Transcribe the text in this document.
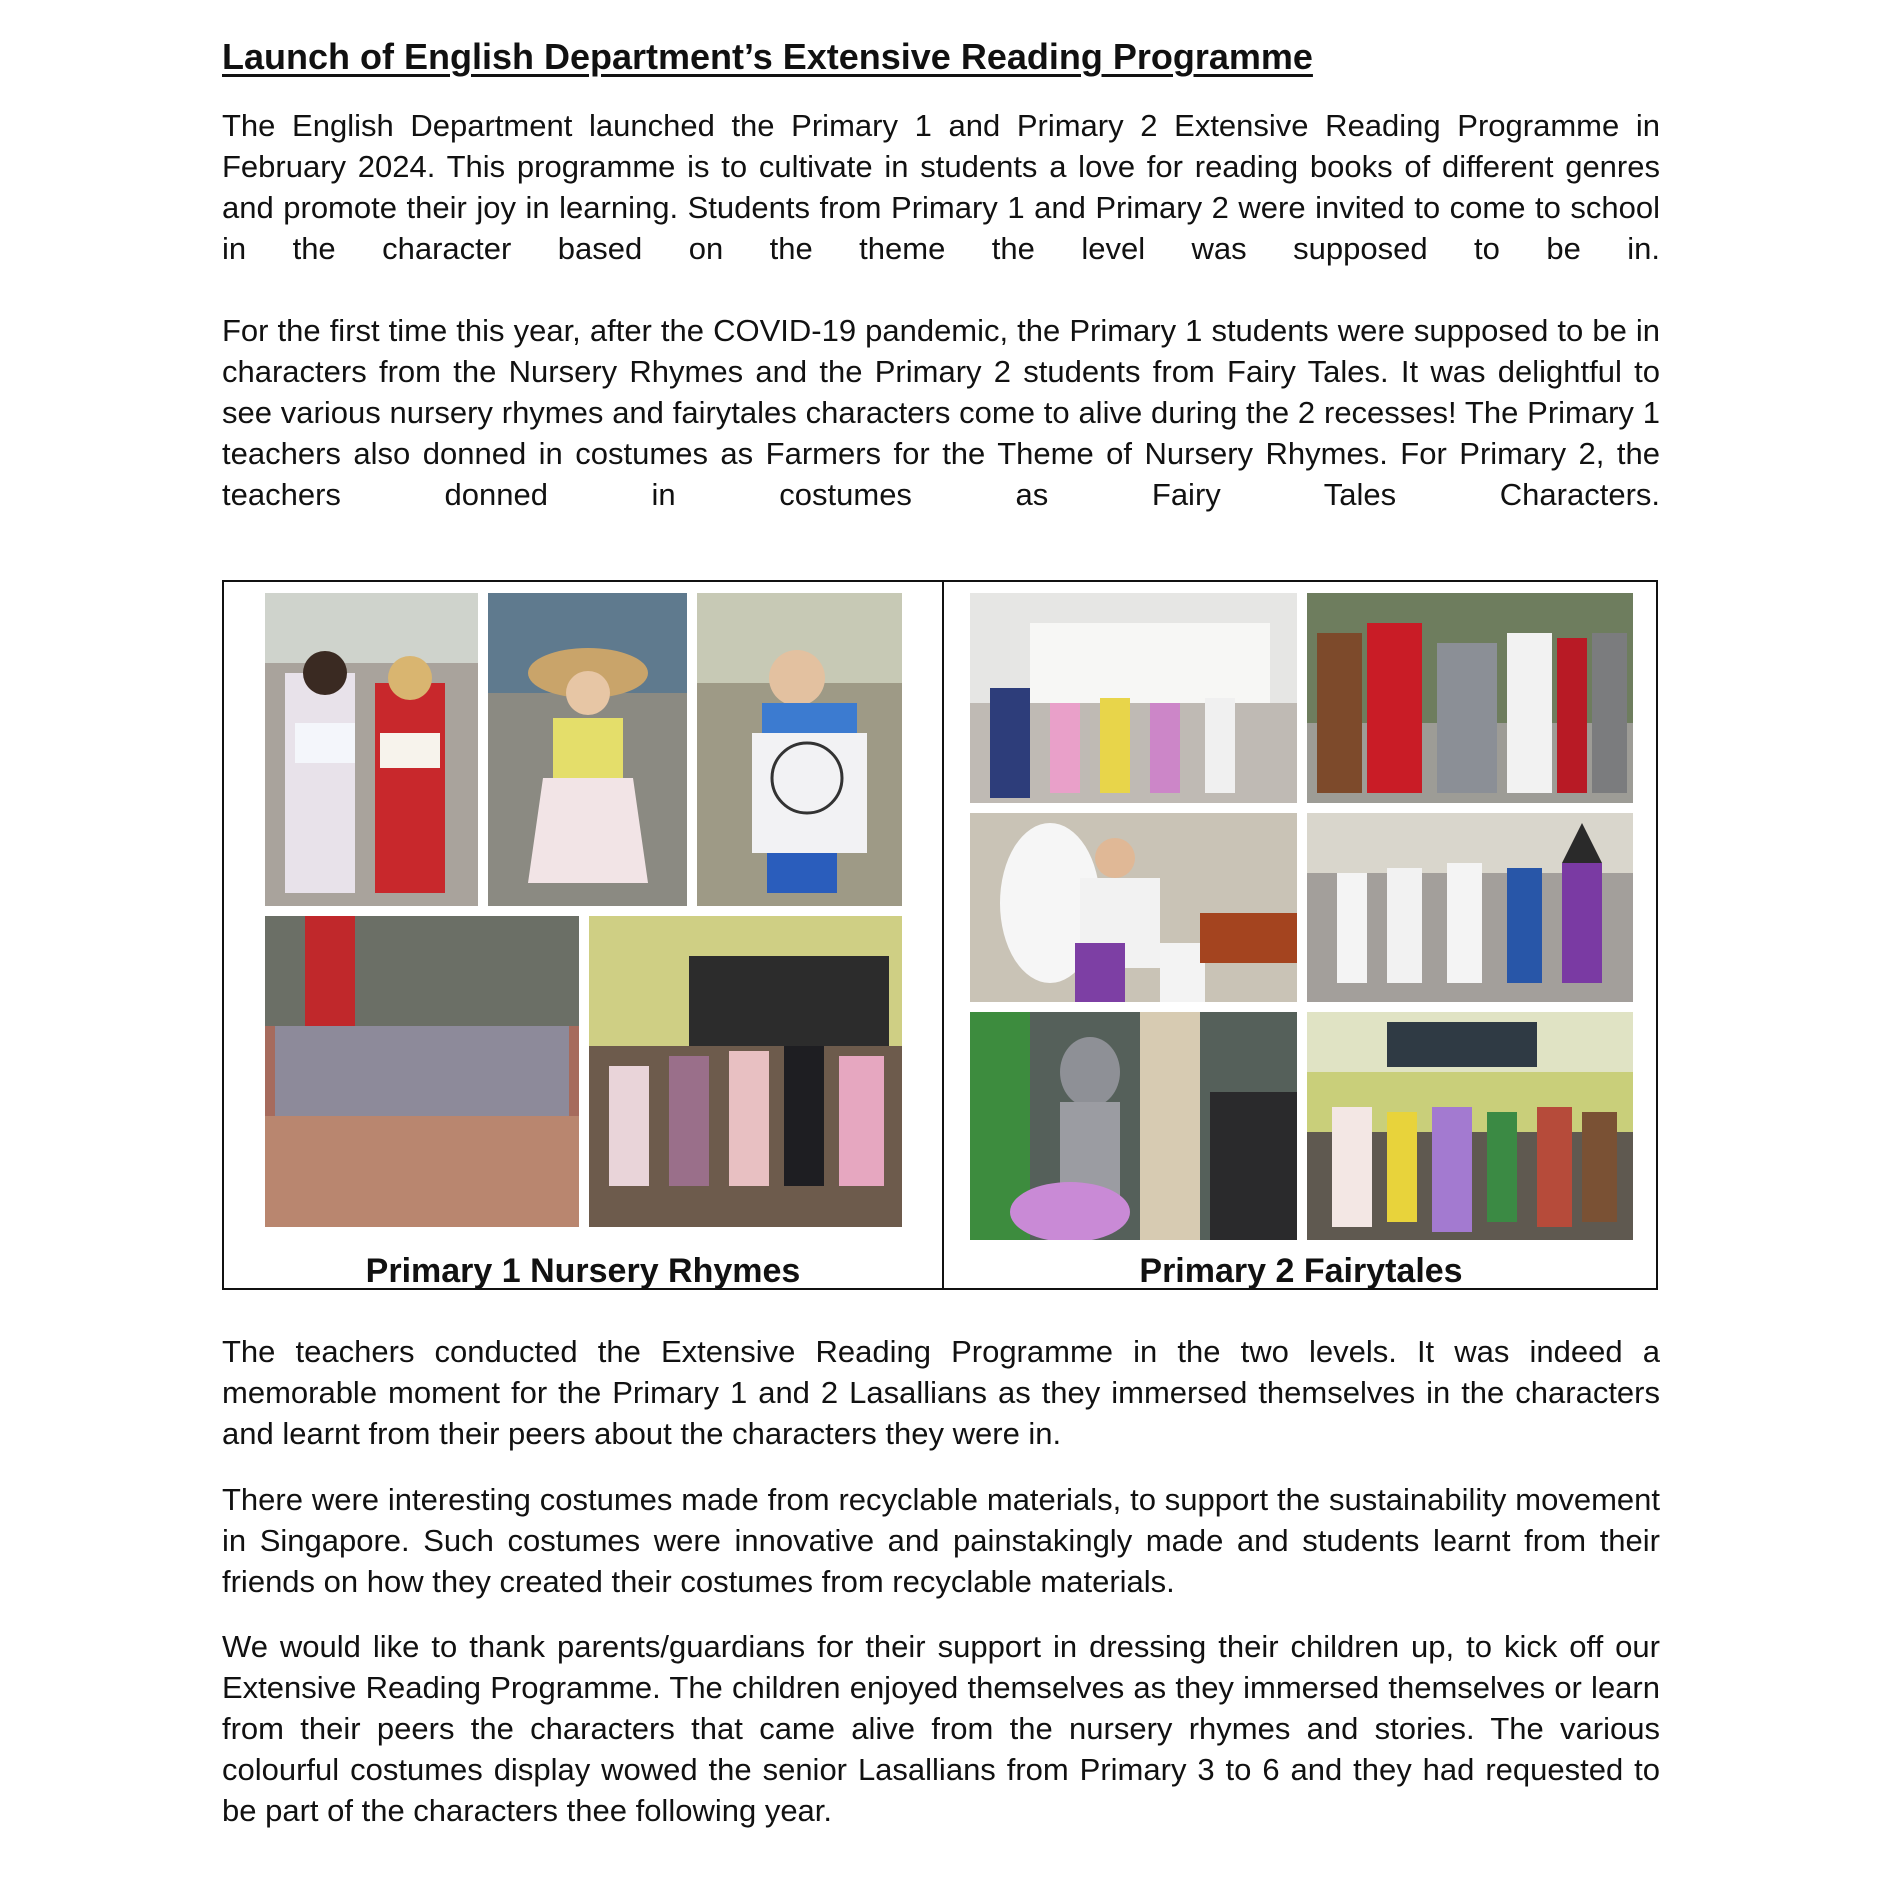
Launch of English Department’s Extensive Reading Programme

The English Department launched the Primary 1 and Primary 2 Extensive Reading Programme in February 2024. This programme is to cultivate in students a love for reading books of different genres and promote their joy in learning. Students from Primary 1 and Primary 2 were invited to come to school in the character based on the theme the level was supposed to be in.

For the first time this year, after the COVID-19 pandemic, the Primary 1 students were supposed to be in characters from the Nursery Rhymes and the Primary 2 students from Fairy Tales. It was delightful to see various nursery rhymes and fairytales characters come to alive during the 2 recesses! The Primary 1 teachers also donned in costumes as Farmers for the Theme of Nursery Rhymes. For Primary 2, the teachers donned in costumes as Fairy Tales Characters.

Primary 1 Nursery Rhymes	Primary 2 Fairytales

The teachers conducted the Extensive Reading Programme in the two levels. It was indeed a memorable moment for the Primary 1 and 2 Lasallians as they immersed themselves in the characters and learnt from their peers about the characters they were in.

There were interesting costumes made from recyclable materials, to support the sustainability movement in Singapore. Such costumes were innovative and painstakingly made and students learnt from their friends on how they created their costumes from recyclable materials.

We would like to thank parents/guardians for their support in dressing their children up, to kick off our Extensive Reading Programme. The children enjoyed themselves as they immersed themselves or learn from their peers the characters that came alive from the nursery rhymes and stories. The various colourful costumes display wowed the senior Lasallians from Primary 3 to 6 and they had requested to be part of the characters thee following year.
